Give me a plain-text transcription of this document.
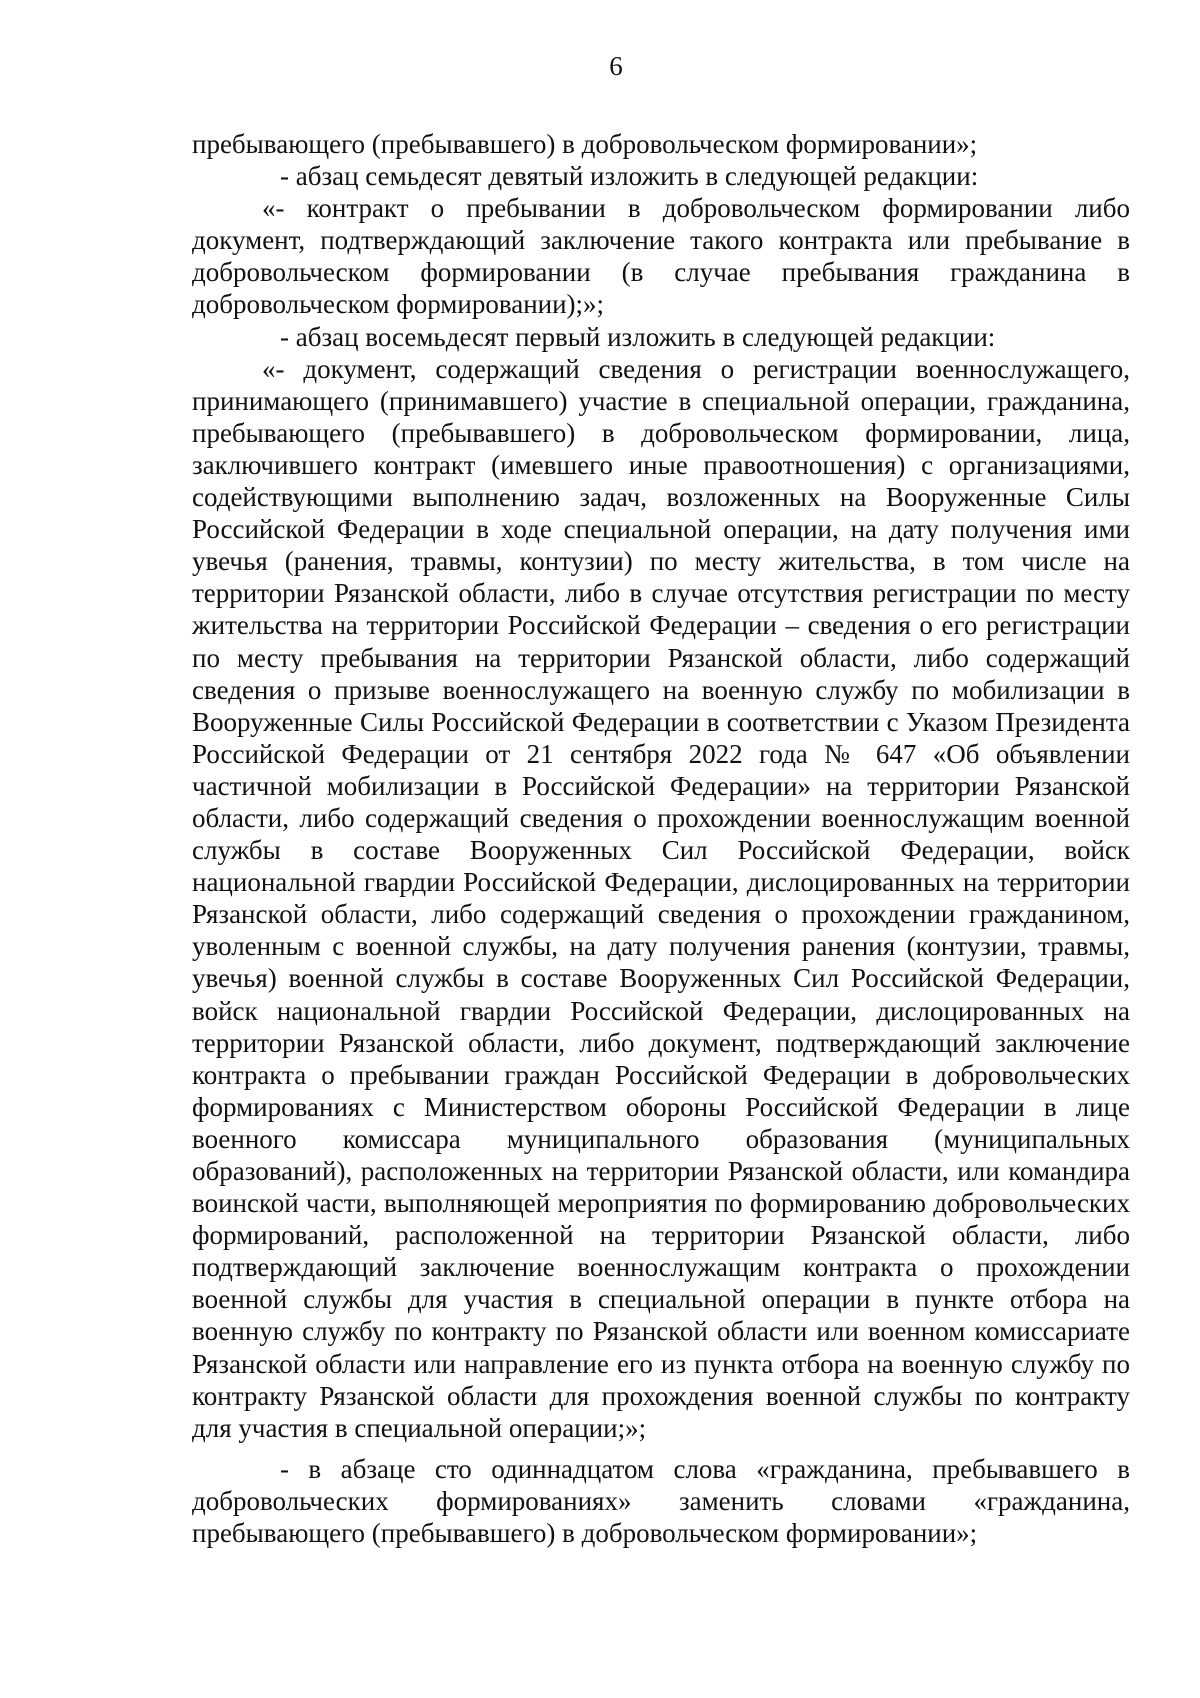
6

пребывающего (пребывавшего) в добровольческом формировании»;

- абзац семьдесят девятый изложить в следующей редакции:

«- контракт о пребывании в добровольческом формировании либо документ, подтверждающий заключение такого контракта или пребывание в добровольческом формировании (в случае пребывания гражданина в добровольческом формировании);»;

- абзац восемьдесят первый изложить в следующей редакции:

«- документ, содержащий сведения о регистрации военнослужащего, принимающего (принимавшего) участие в специальной операции, гражданина, пребывающего (пребывавшего) в добровольческом формировании, лица, заключившего контракт (имевшего иные правоотношения) с организациями, содействующими выполнению задач, возложенных на Вооруженные Силы Российской Федерации в ходе специальной операции, на дату получения ими увечья (ранения, травмы, контузии) по месту жительства, в том числе на территории Рязанской области, либо в случае отсутствия регистрации по месту жительства на территории Российской Федерации – сведения о его регистрации по месту пребывания на территории Рязанской области, либо содержащий сведения о призыве военнослужащего на военную службу по мобилизации в Вооруженные Силы Российской Федерации в соответствии с Указом Президента Российской Федерации от 21 сентября 2022 года № 647 «Об объявлении частичной мобилизации в Российской Федерации» на территории Рязанской области, либо содержащий сведения о прохождении военнослужащим военной службы в составе Вооруженных Сил Российской Федерации, войск национальной гвардии Российской Федерации, дислоцированных на территории Рязанской области, либо содержащий сведения о прохождении гражданином, уволенным с военной службы, на дату получения ранения (контузии, травмы, увечья) военной службы в составе Вооруженных Сил Российской Федерации, войск национальной гвардии Российской Федерации, дислоцированных на территории Рязанской области, либо документ, подтверждающий заключение контракта о пребывании граждан Российской Федерации в добровольческих формированиях с Министерством обороны Российской Федерации в лице военного комиссара муниципального образования (муниципальных образований), расположенных на территории Рязанской области, или командира воинской части, выполняющей мероприятия по формированию добровольческих формирований, расположенной на территории Рязанской области, либо подтверждающий заключение военнослужащим контракта о прохождении военной службы для участия в специальной операции в пункте отбора на военную службу по контракту по Рязанской области или военном комиссариате Рязанской области или направление его из пункта отбора на военную службу по контракту Рязанской области для прохождения военной службы по контракту для участия в специальной операции;»;

- в абзаце сто одиннадцатом слова «гражданина, пребывавшего в добровольческих формированиях» заменить словами «гражданина, пребывающего (пребывавшего) в добровольческом формировании»;
